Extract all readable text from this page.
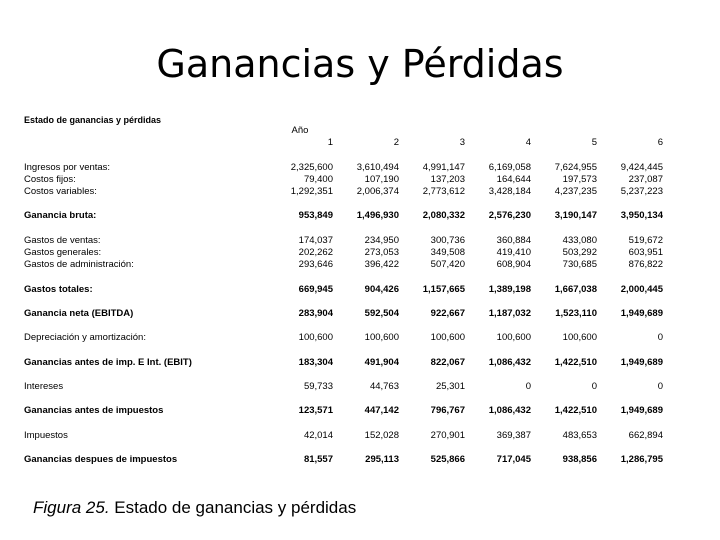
Ganancias y Pérdidas
Estado de ganancias y pérdidas
	Año					
	1	2	3	4	5	6

Ingresos por ventas:	2,325,600	3,610,494	4,991,147	6,169,058	7,624,955	9,424,445
Costos fijos:	79,400	107,190	137,203	164,644	197,573	237,087
Costos variables:	1,292,351	2,006,374	2,773,612	3,428,184	4,237,235	5,237,223

Ganancia bruta:	953,849	1,496,930	2,080,332	2,576,230	3,190,147	3,950,134

Gastos de ventas:	174,037	234,950	300,736	360,884	433,080	519,672
Gastos generales:	202,262	273,053	349,508	419,410	503,292	603,951
Gastos de administración:	293,646	396,422	507,420	608,904	730,685	876,822

Gastos totales:	669,945	904,426	1,157,665	1,389,198	1,667,038	2,000,445

Ganancia neta (EBITDA)	283,904	592,504	922,667	1,187,032	1,523,110	1,949,689

Depreciación y amortización:	100,600	100,600	100,600	100,600	100,600	0

Ganancias antes de imp. E Int. (EBIT)	183,304	491,904	822,067	1,086,432	1,422,510	1,949,689

Intereses	59,733	44,763	25,301	0	0	0

Ganancias antes de impuestos	123,571	447,142	796,767	1,086,432	1,422,510	1,949,689

Impuestos	42,014	152,028	270,901	369,387	483,653	662,894

Ganancias despues de impuestos	81,557	295,113	525,866	717,045	938,856	1,286,795
Figura 25. Estado de ganancias y pérdidas
